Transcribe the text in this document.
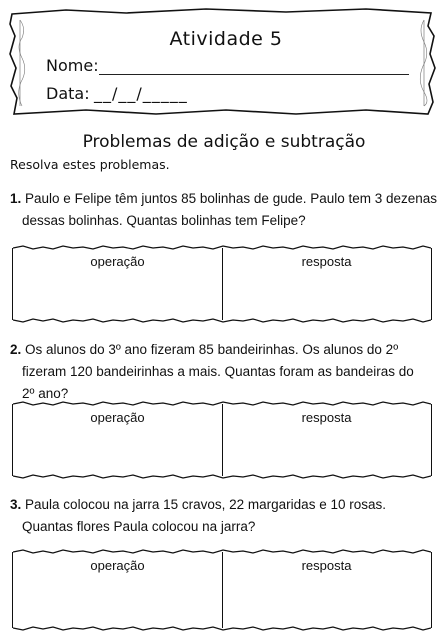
Atividade 5
Nome:
Data: __/__/_____
Problemas de adição e subtração
Resolva estes problemas.
1. Paulo e Felipe têm juntos 85 bolinhas de gude. Paulo tem 3 dezenas
dessas bolinhas. Quantas bolinhas tem Felipe?
operação	resposta
2. Os alunos do 3º ano fizeram 85 bandeirinhas. Os alunos do 2º
fizeram 120 bandeirinhas a mais. Quantas foram as bandeiras do
2º ano?
operação	resposta
3. Paula colocou na jarra 15 cravos, 22 margaridas e 10 rosas.
Quantas flores Paula colocou na jarra?
operação	resposta
